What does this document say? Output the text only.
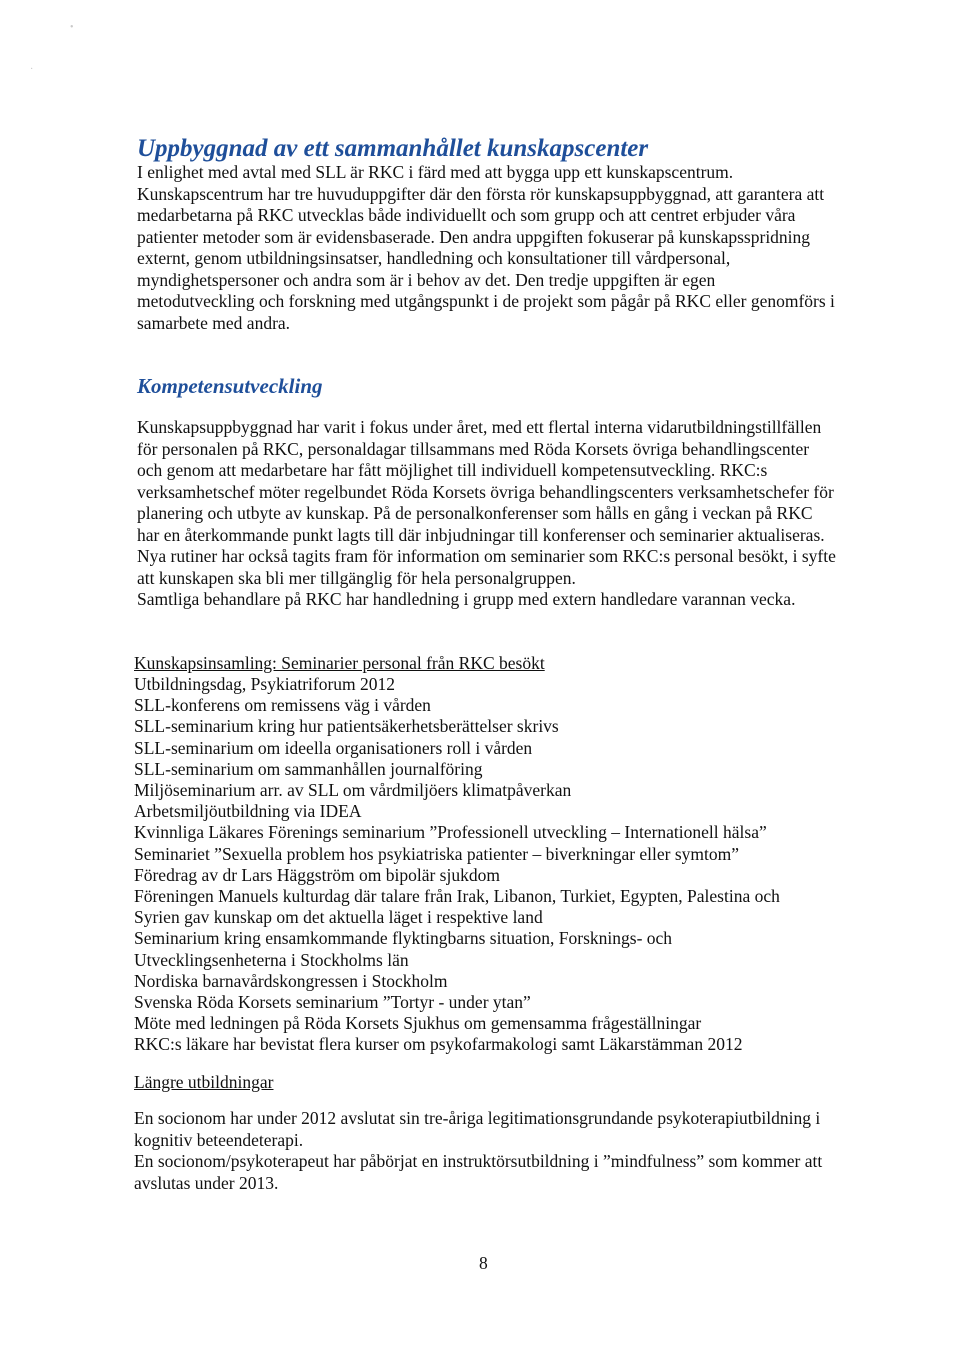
•
·
Uppbyggnad av ett sammanhållet kunskapscenter

I enlighet med avtal med SLL är RKC i färd med att bygga upp ett kunskapscentrum. Kunskapscentrum har tre huvuduppgifter där den första rör kunskapsuppbyggnad, att garantera att medarbetarna på RKC utvecklas både individuellt och som grupp och att centret erbjuder våra patienter metoder som är evidensbaserade. Den andra uppgiften fokuserar på kunskapsspridning externt, genom utbildningsinsatser, handledning och konsultationer till vårdpersonal, myndighetspersoner och andra som är i behov av det. Den tredje uppgiften är egen metodutveckling och forskning med utgångspunkt i de projekt som pågår på RKC eller genomförs i samarbete med andra.

Kompetensutveckling
Kunskapsuppbyggnad har varit i fokus under året, med ett flertal interna vidarutbildningstillfällen för personalen på RKC, personaldagar tillsammans med Röda Korsets övriga behandlingscenter och genom att medarbetare har fått möjlighet till individuell kompetensutveckling. RKC:s verksamhetschef möter regelbundet Röda Korsets övriga behandlingscenters verksamhetschefer för planering och utbyte av kunskap. På de personalkonferenser som hålls en gång i veckan på RKC har en återkommande punkt lagts till där inbjudningar till konferenser och seminarier aktualiseras. Nya rutiner har också tagits fram för information om seminarier som RKC:s personal besökt, i syfte att kunskapen ska bli mer tillgänglig för hela personalgruppen.
Samtliga behandlare på RKC har handledning i grupp med extern handledare varannan vecka.

Kunskapsinsamling: Seminarier personal från RKC besökt

Utbildningsdag, Psykiatriforum 2012
SLL-konferens om remissens väg i vården
SLL-seminarium kring hur patientsäkerhetsberättelser skrivs
SLL-seminarium om ideella organisationers roll i vården
SLL-seminarium om sammanhållen journalföring
Miljöseminarium arr. av SLL om vårdmiljöers klimatpåverkan
Arbetsmiljöutbildning via IDEA
Kvinnliga Läkares Förenings seminarium ”Professionell utveckling – Internationell hälsa”
Seminariet ”Sexuella problem hos psykiatriska patienter – biverkningar eller symtom”
Föredrag av dr Lars Häggström om bipolär sjukdom
Föreningen Manuels kulturdag där talare från Irak, Libanon, Turkiet, Egypten, Palestina och
Syrien gav kunskap om det aktuella läget i respektive land
Seminarium kring ensamkommande flyktingbarns situation, Forsknings- och
Utvecklingsenheterna i Stockholms län
Nordiska barnavårdskongressen i Stockholm
Svenska Röda Korsets seminarium ”Tortyr - under ytan”
Möte med ledningen på Röda Korsets Sjukhus om gemensamma frågeställningar
RKC:s läkare har bevistat flera kurser om psykofarmakologi samt Läkarstämman 2012

Längre utbildningar

En socionom har under 2012 avslutat sin tre-åriga legitimationsgrundande psykoterapiutbildning i kognitiv beteendeterapi.
En socionom/psykoterapeut har påbörjat en instruktörsutbildning i ”mindfulness” som kommer att avslutas under 2013.
8
